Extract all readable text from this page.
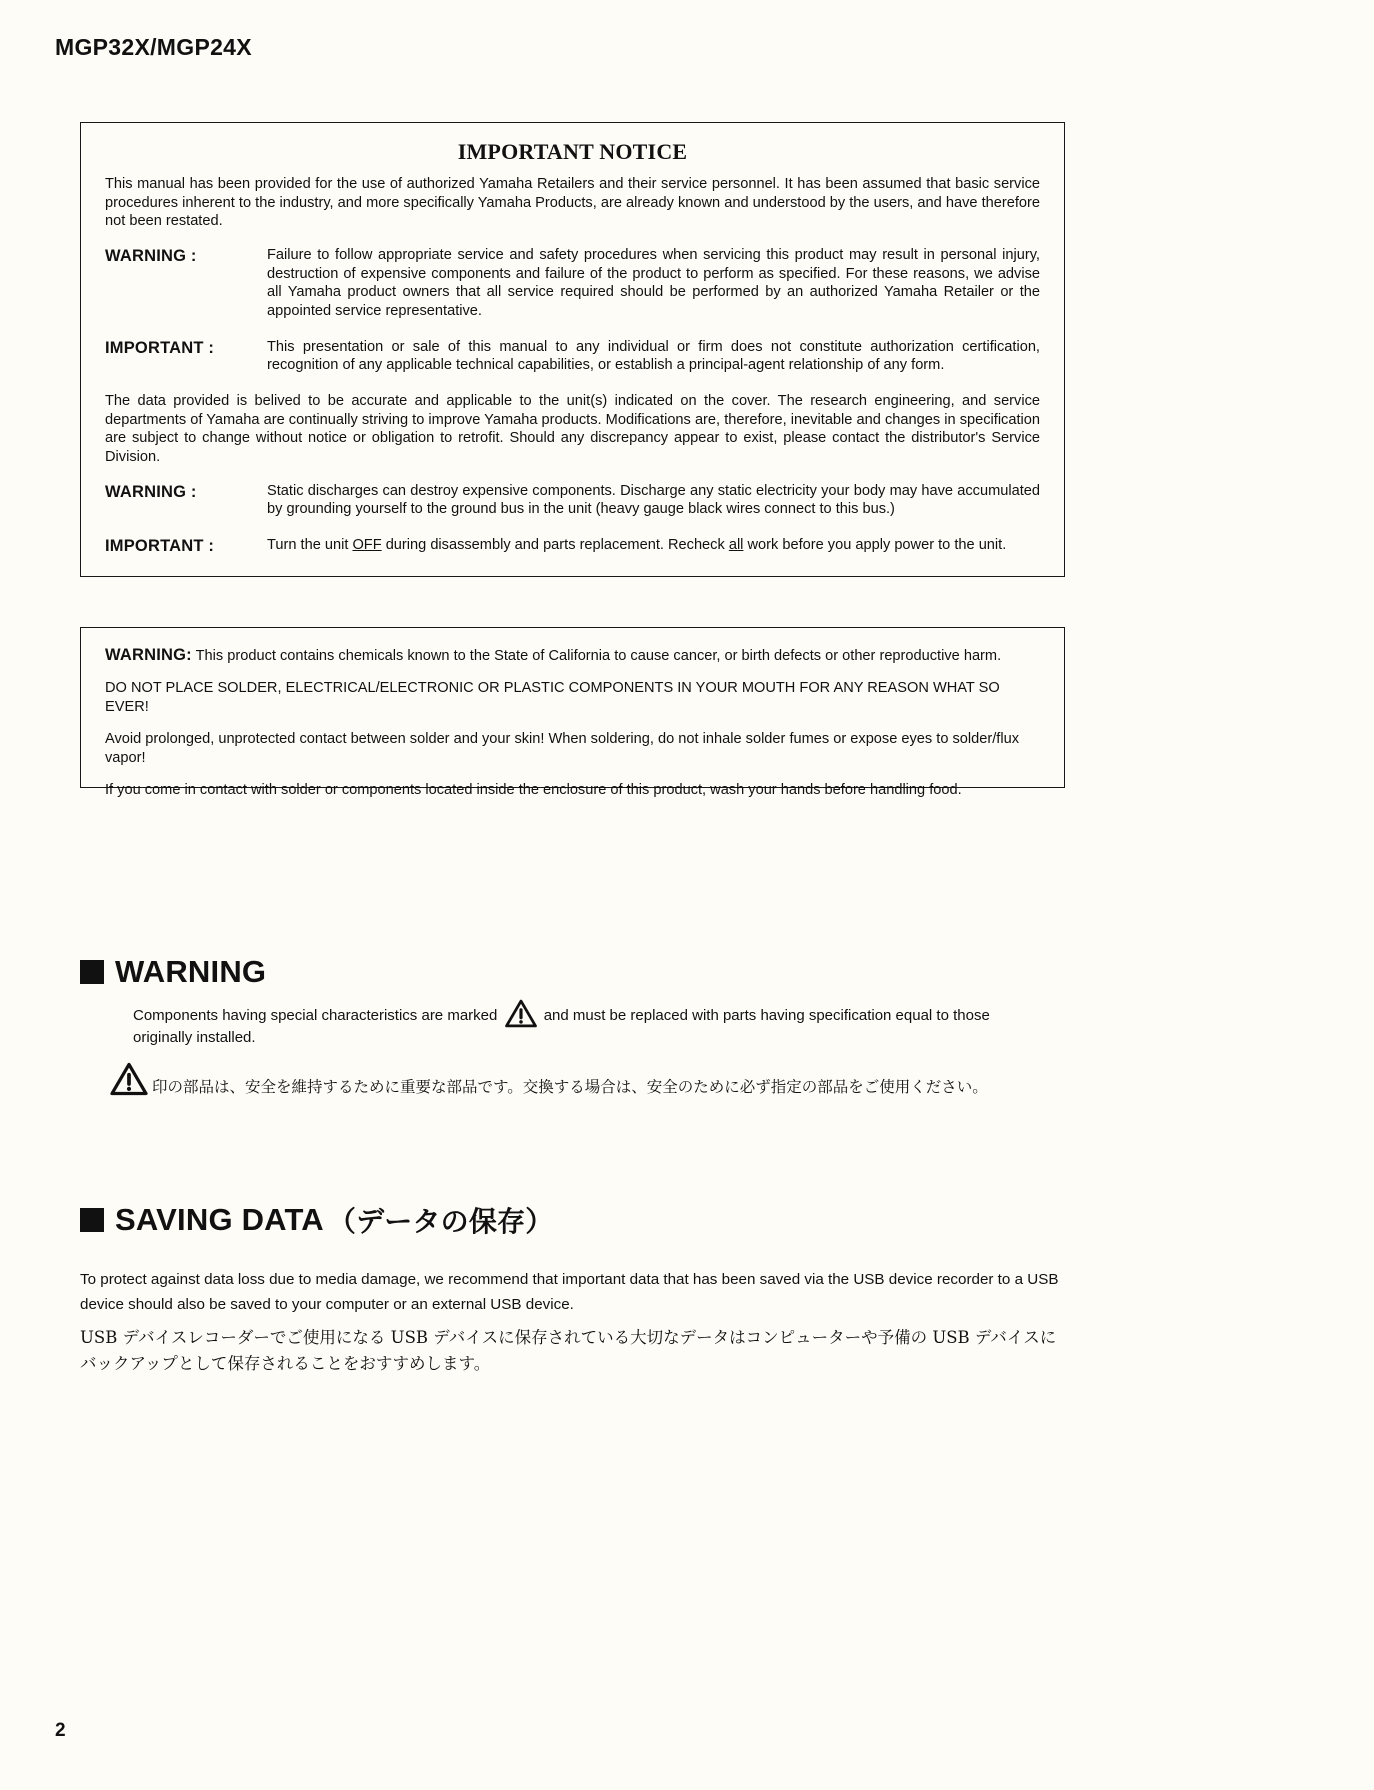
MGP32X/MGP24X
IMPORTANT NOTICE

This manual has been provided for the use of authorized Yamaha Retailers and their service personnel. It has been assumed that basic service procedures inherent to the industry, and more specifically Yamaha Products, are already known and understood by the users, and have therefore not been restated.

WARNING :	Failure to follow appropriate service and safety procedures when servicing this product may result in personal injury, destruction of expensive components and failure of the product to perform as specified. For these reasons, we advise all Yamaha product owners that all service required should be performed by an authorized Yamaha Retailer or the appointed service representative.
IMPORTANT :	This presentation or sale of this manual to any individual or firm does not constitute authorization certification, recognition of any applicable technical capabilities, or establish a principal-agent relationship of any form.

The data provided is belived to be accurate and applicable to the unit(s) indicated on the cover. The research engineering, and service departments of Yamaha are continually striving to improve Yamaha products. Modifications are, therefore, inevitable and changes in specification are subject to change without notice or obligation to retrofit. Should any discrepancy appear to exist, please contact the distributor's Service Division.

WARNING :	Static discharges can destroy expensive components. Discharge any static electricity your body may have accumulated by grounding yourself to the ground bus in the unit (heavy gauge black wires connect to this bus.)
IMPORTANT :	Turn the unit OFF during disassembly and parts replacement. Recheck all work before you apply power to the unit.

WARNING: This product contains chemicals known to the State of California to cause cancer, or birth defects or other reproductive harm.

DO NOT PLACE SOLDER, ELECTRICAL/ELECTRONIC OR PLASTIC COMPONENTS IN YOUR MOUTH FOR ANY REASON WHAT SO EVER!

Avoid prolonged, unprotected contact between solder and your skin! When soldering, do not inhale solder fumes or expose eyes to solder/flux vapor!

If you come in contact with solder or components located inside the enclosure of this product, wash your hands before handling food.

WARNING
Components having special characteristics are marked	and must be replaced with parts having specification equal to those originally installed.
印の部品は、安全を維持するために重要な部品です。交換する場合は、安全のために必ず指定の部品をご使用ください。
SAVING DATA （データの保存）

To protect against data loss due to media damage, we recommend that important data that has been saved via the USB device recorder to a USB device should also be saved to your computer or an external USB device.

USB デバイスレコーダーでご使用になる USB デバイスに保存されている大切なデータはコンピューターや予備の USB デバイスにバックアップとして保存されることをおすすめします。

2
